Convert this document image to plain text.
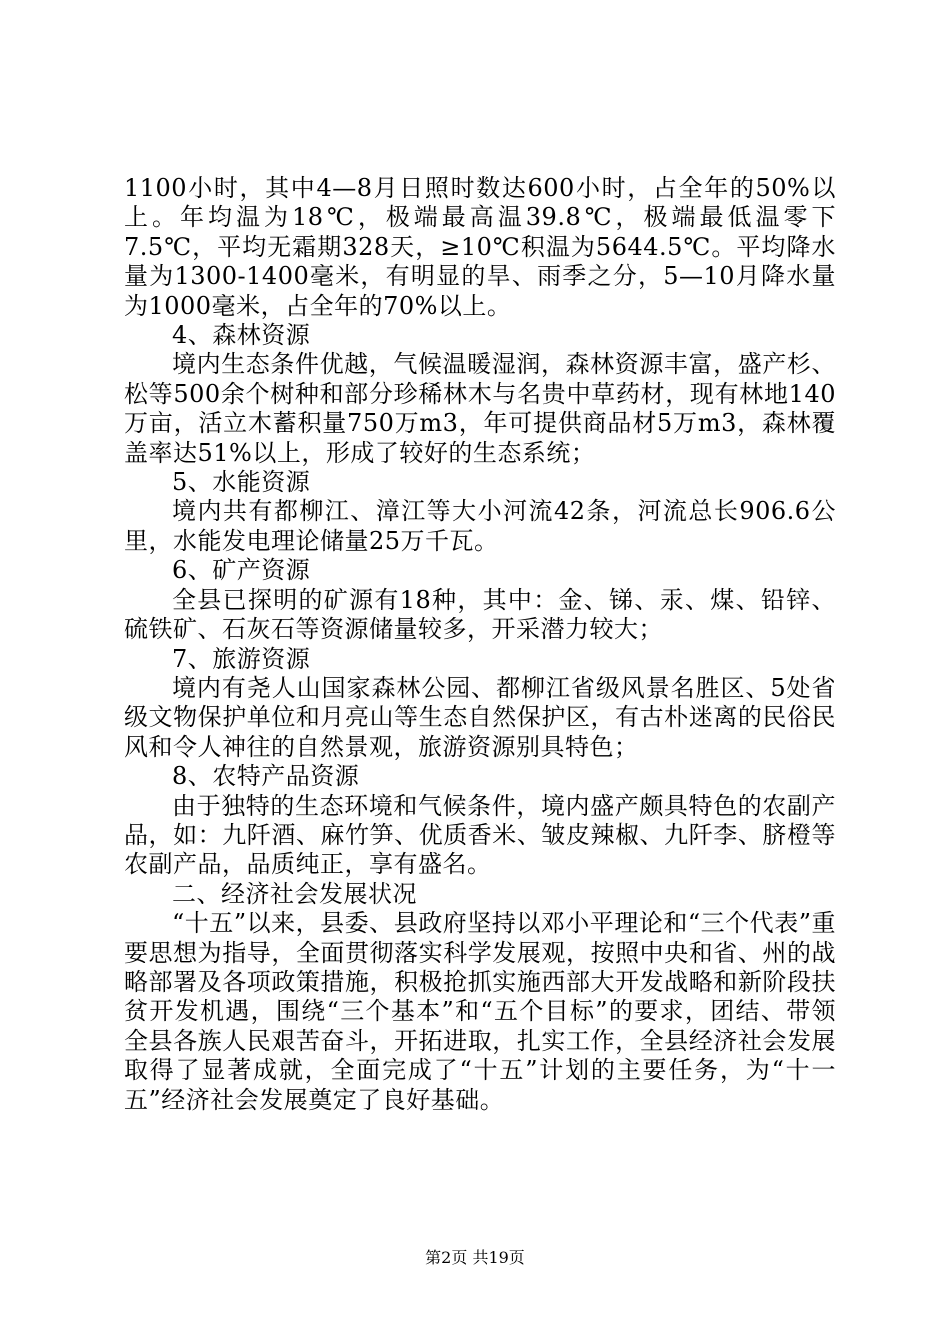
1100小时，其中4—8月日照时数达600小时，占全年的50%以上。年均温为18℃，极端最高温39.8℃，极端最低温零下7.5℃，平均无霜期328天，≥10℃积温为5644.5℃。平均降水量为1300-1400毫米，有明显的旱、雨季之分，5—10月降水量为1000毫米，占全年的70%以上。

4、森林资源

境内生态条件优越，气候温暖湿润，森林资源丰富，盛产杉、松等500余个树种和部分珍稀林木与名贵中草药材，现有林地140万亩，活立木蓄积量750万m3，年可提供商品材5万m3，森林覆盖率达51%以上，形成了较好的生态系统；

5、水能资源

境内共有都柳江、漳江等大小河流42条，河流总长906.6公里，水能发电理论储量25万千瓦。

6、矿产资源

全县已探明的矿源有18种，其中：金、锑、汞、煤、铅锌、硫铁矿、石灰石等资源储量较多，开采潜力较大；

7、旅游资源

境内有尧人山国家森林公园、都柳江省级风景名胜区、5处省级文物保护单位和月亮山等生态自然保护区，有古朴迷离的民俗民风和令人神往的自然景观，旅游资源别具特色；

8、农特产品资源

由于独特的生态环境和气候条件，境内盛产颇具特色的农副产品，如：九阡酒、麻竹笋、优质香米、皱皮辣椒、九阡李、脐橙等农副产品，品质纯正，享有盛名。

二、经济社会发展状况

“十五”以来，县委、县政府坚持以邓小平理论和“三个代表”重要思想为指导，全面贯彻落实科学发展观，按照中央和省、州的战略部署及各项政策措施，积极抢抓实施西部大开发战略和新阶段扶贫开发机遇，围绕“三个基本”和“五个目标”的要求，团结、带领全县各族人民艰苦奋斗，开拓进取，扎实工作，全县经济社会发展取得了显著成就，全面完成了“十五”计划的主要任务，为“十一五”经济社会发展奠定了良好基础。

第2页 共19页
